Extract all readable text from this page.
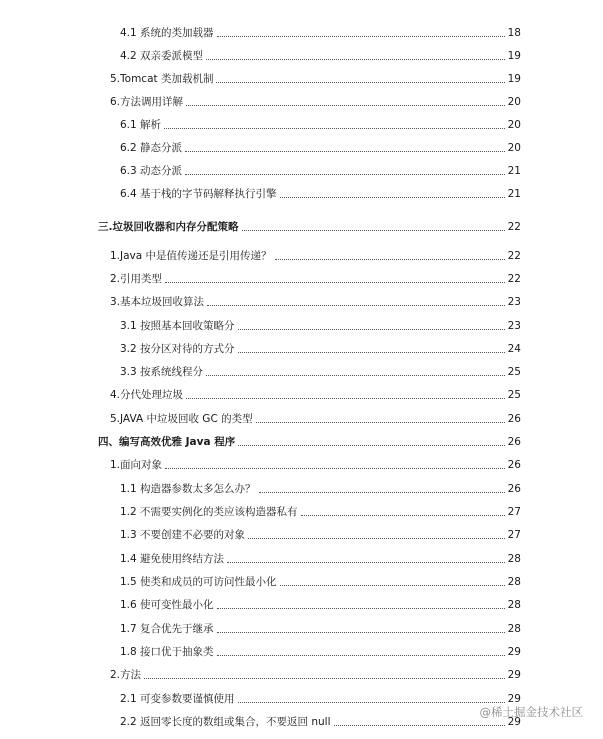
4.1 系统的类加载器	18
4.2 双亲委派模型	19
5.Tomcat 类加载机制	19
6.方法调用详解	20
6.1 解析	20
6.2 静态分派	20
6.3 动态分派	21
6.4 基于栈的字节码解释执行引擎	21
三.垃圾回收器和内存分配策略	22
1.Java 中是值传递还是引用传递？	22
2.引用类型	22
3.基本垃圾回收算法	23
3.1 按照基本回收策略分	23
3.2 按分区对待的方式分	24
3.3 按系统线程分	25
4.分代处理垃圾	25
5.JAVA 中垃圾回收 GC 的类型	26
四、编写高效优雅 Java 程序	26
1.面向对象	26
1.1 构造器参数太多怎么办？	26
1.2 不需要实例化的类应该构造器私有	27
1.3 不要创建不必要的对象	27
1.4 避免使用终结方法	28
1.5 使类和成员的可访问性最小化	28
1.6 使可变性最小化	28
1.7 复合优先于继承	28
1.8 接口优于抽象类	29
2.方法	29
2.1 可变参数要谨慎使用	29
2.2 返回零长度的数组或集合，不要返回 null	29
@稀土掘金技术社区
